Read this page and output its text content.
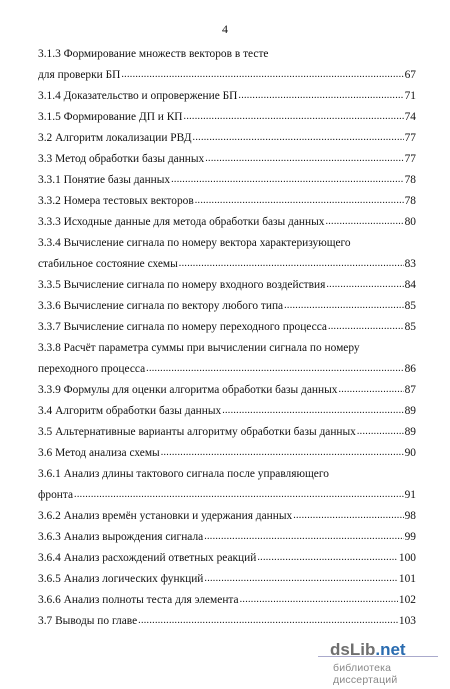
4
3.1.3 Формирование множеств векторов в тесте
для проверки БП .....	67
3.1.4 Доказательство и опровержение БП .....	71
3.1.5 Формирование ДП и КП .....	74
3.2 Алгоритм локализации РВД .....	77
3.3 Метод обработки базы данных .....	77
3.3.1 Понятие базы данных .....	78
3.3.2 Номера тестовых векторов .....	78
3.3.3 Исходные данные для метода обработки базы данных .....	80
3.3.4 Вычисление сигнала по номеру вектора характеризующего
стабильное состояние схемы .....	83
3.3.5 Вычисление сигнала по номеру входного воздействия .....	84
3.3.6 Вычисление сигнала по вектору любого типа .....	85
3.3.7 Вычисление сигнала по номеру переходного процесса .....	85
3.3.8 Расчёт параметра суммы при вычислении сигнала по номеру
переходного процесса .....	86
3.3.9 Формулы для оценки алгоритма обработки базы данных .....	87
3.4 Алгоритм обработки базы данных .....	89
3.5 Альтернативные варианты алгоритму обработки базы данных .....	89
3.6 Метод анализа схемы .....	90
3.6.1 Анализ длины тактового сигнала после управляющего
фронта .....	91
3.6.2 Анализ времён установки и удержания данных .....	98
3.6.3 Анализ вырождения сигнала .....	99
3.6.4 Анализ расхождений ответных реакций .....	100
3.6.5 Анализ логических функций .....	101
3.6.6 Анализ полноты теста для элемента .....	102
3.7 Выводы по главе .....	103
dsLib.net
библиотека диссертаций
